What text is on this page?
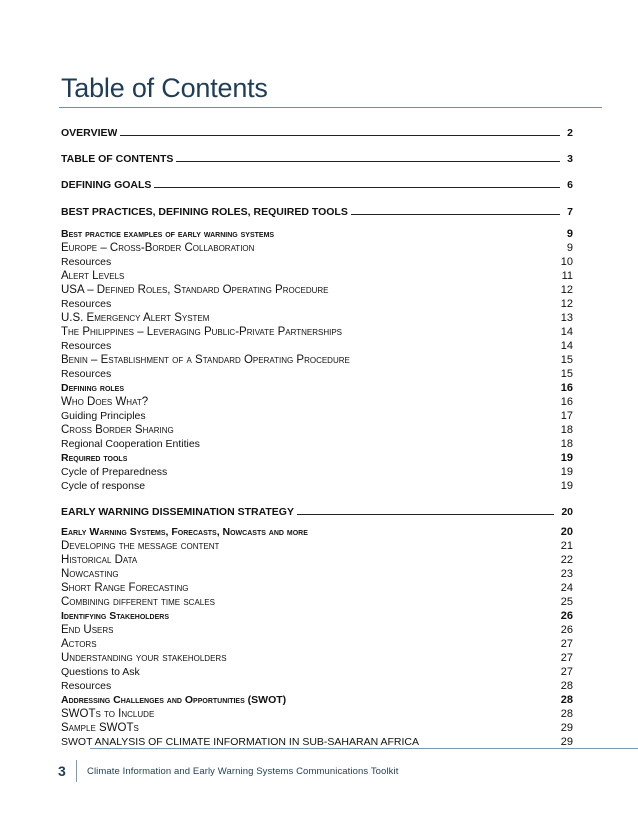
Table of Contents
OVERVIEW	2
TABLE OF CONTENTS	3
DEFINING GOALS	6
BEST PRACTICES, DEFINING ROLES, REQUIRED TOOLS	7
Best practice examples of early warning systems	9
Europe – Cross-Border Collaboration	9
Resources	10
Alert Levels	11
USA – Defined Roles, Standard Operating Procedure	12
Resources	12
U.S. Emergency Alert System	13
The Philippines – Leveraging Public-Private Partnerships	14
Resources	14
Benin – Establishment of a Standard Operating Procedure	15
Resources	15
Defining roles	16
Who Does What?	16
Guiding Principles	17
Cross Border Sharing	18
Regional Cooperation Entities	18
Required tools	19
Cycle of Preparedness	19
Cycle of response	19
EARLY WARNING DISSEMINATION STRATEGY	20
Early Warning Systems, Forecasts, Nowcasts and more	20
Developing the message content	21
Historical Data	22
Nowcasting	23
Short Range Forecasting	24
Combining different time scales	25
Identifying Stakeholders	26
End Users	26
Actors	27
Understanding your stakeholders	27
Questions to Ask	27
Resources	28
Addressing Challenges and Opportunities (SWOT)	28
SWOTs to Include	28
Sample SWOTs	29
SWOT ANALYSIS OF CLIMATE INFORMATION IN SUB-SAHARAN AFRICA	29
3	Climate Information and Early Warning Systems Communications Toolkit
